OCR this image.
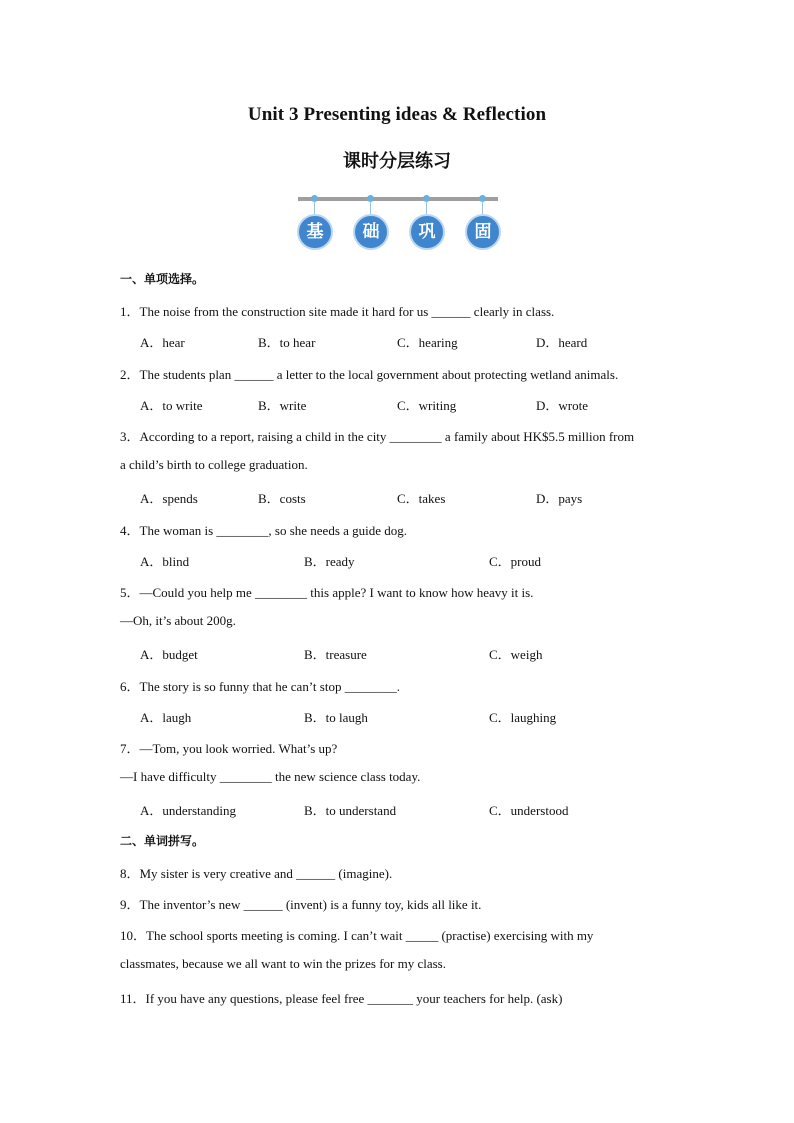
Unit 3 Presenting ideas & Reflection
课时分层练习
基	础	巩	固
一、单项选择。
1．The noise from the construction site made it hard for us ______ clearly in class.
A．hear	B．to hear	C．hearing	D．heard
2．The students plan ______ a letter to the local government about protecting wetland animals.
A．to write	B．write	C．writing	D．wrote
3．According to a report, raising a child in the city ________ a family about HK$5.5 million from
a child’s birth to college graduation.
A．spends	B．costs	C．takes	D．pays
4．The woman is ________, so she needs a guide dog.
A．blind	B．ready	C．proud
5．—Could you help me ________ this apple? I want to know how heavy it is.
—Oh, it’s about 200g.
A．budget	B．treasure	C．weigh
6．The story is so funny that he can’t stop ________.
A．laugh	B．to laugh	C．laughing
7．—Tom, you look worried. What’s up?
—I have difficulty ________ the new science class today.
A．understanding	B．to understand	C．understood
二、单词拼写。
8．My sister is very creative and ______ (imagine).
9．The inventor’s new ______ (invent) is a funny toy, kids all like it.
10．The school sports meeting is coming. I can’t wait _____ (practise) exercising with my
classmates, because we all want to win the prizes for my class.
11．If you have any questions, please feel free _______ your teachers for help. (ask)
